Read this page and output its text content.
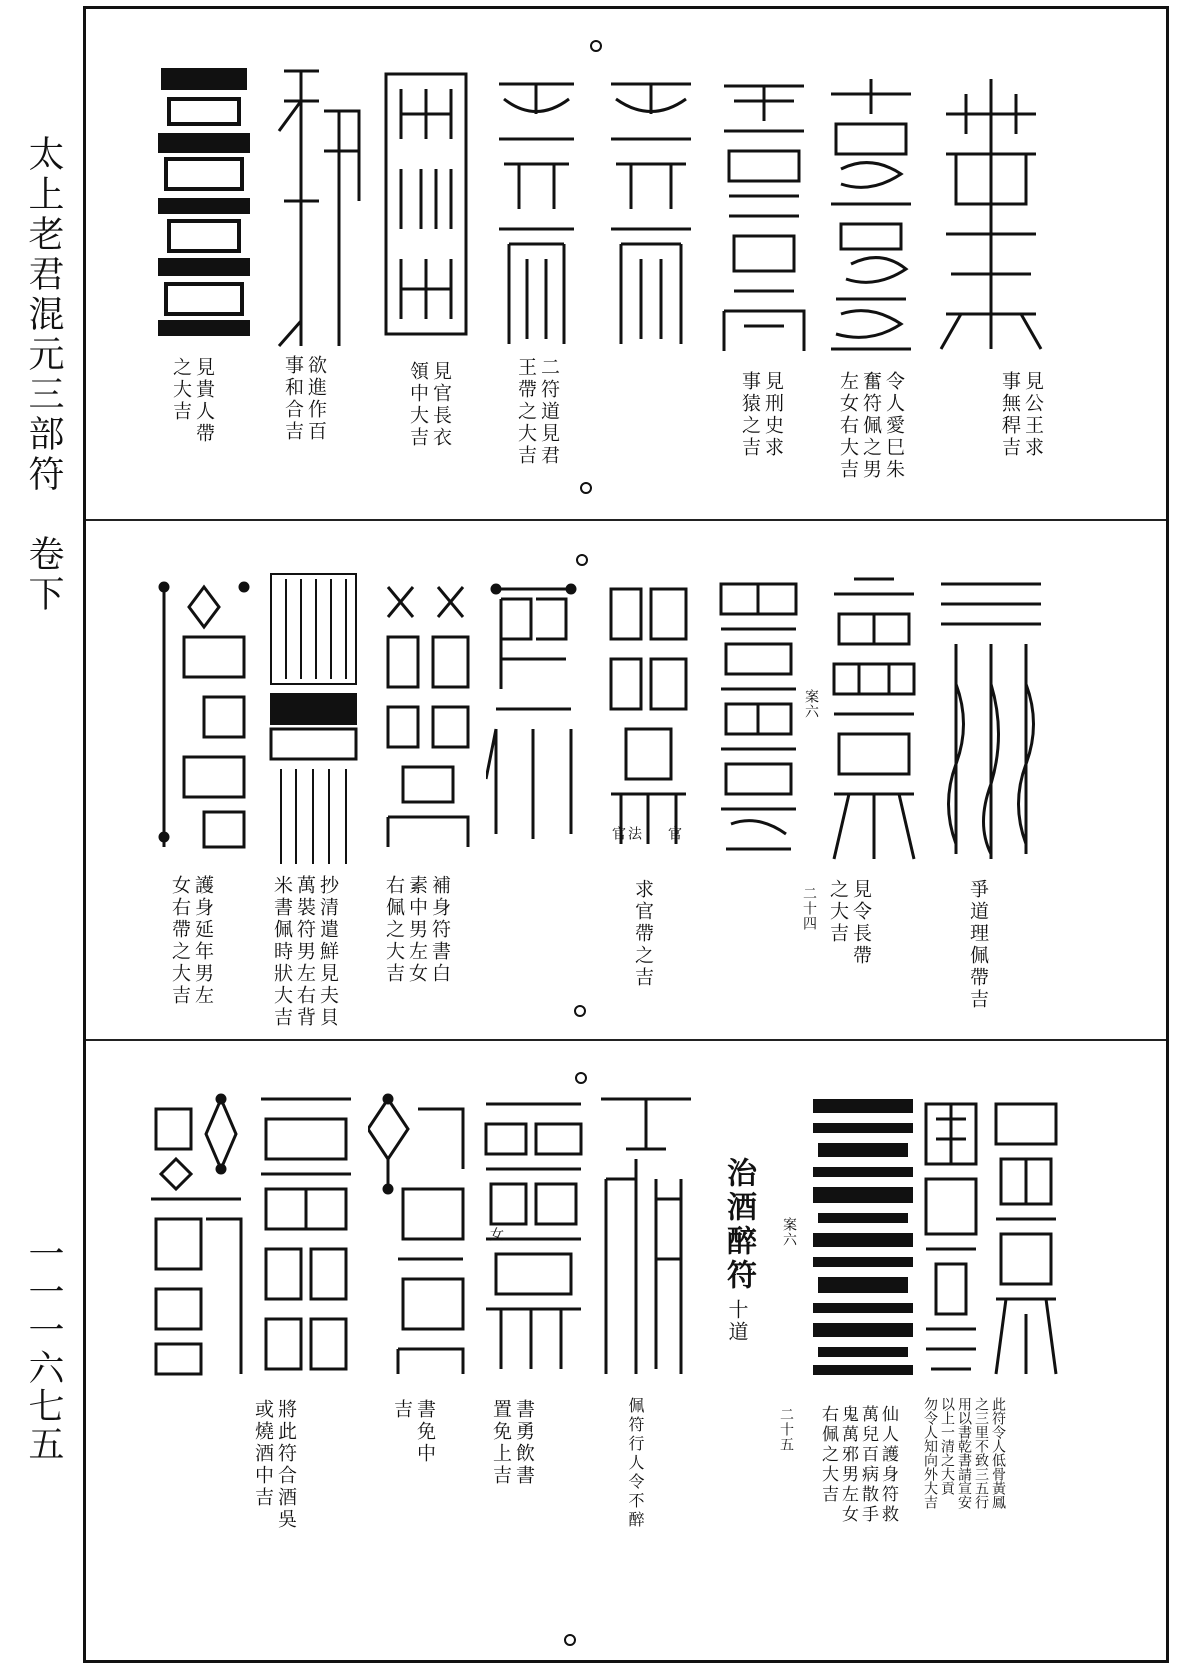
太上老君混元三部符　卷下
一一一六七五
見公王求
事無稈吉
令人愛巳朱
奮符佩之男
左女右大吉
見刑史求
事猿之吉
二符道見君
王帶之大吉
見官長衣
領中大吉
欲進作百
事和合吉
見貴人帶
之大吉
案六
二十四
官
法
官
爭道理佩帶吉
見令長帶
之大吉
求官帶之吉
補身符書白
素中男左女
右佩之大吉
抄清遣鮮見夫貝
萬裝符男左右背
米書佩時狀大吉
護身延年男左
女右帶之大吉
治酒醉符
十道
案六
二十五
女
此符令人低骨黃鳳
之三里不致三五行
用以書乾書請宣安
以上一清之大貢
勿令人知向外大吉
仙人護身符救
萬兒百病散手
鬼萬邪男左女
右佩之大吉
佩符行人令不醉
書勇飲書
置免上吉
書免中
吉
將此符合酒吳
或燒酒中吉
